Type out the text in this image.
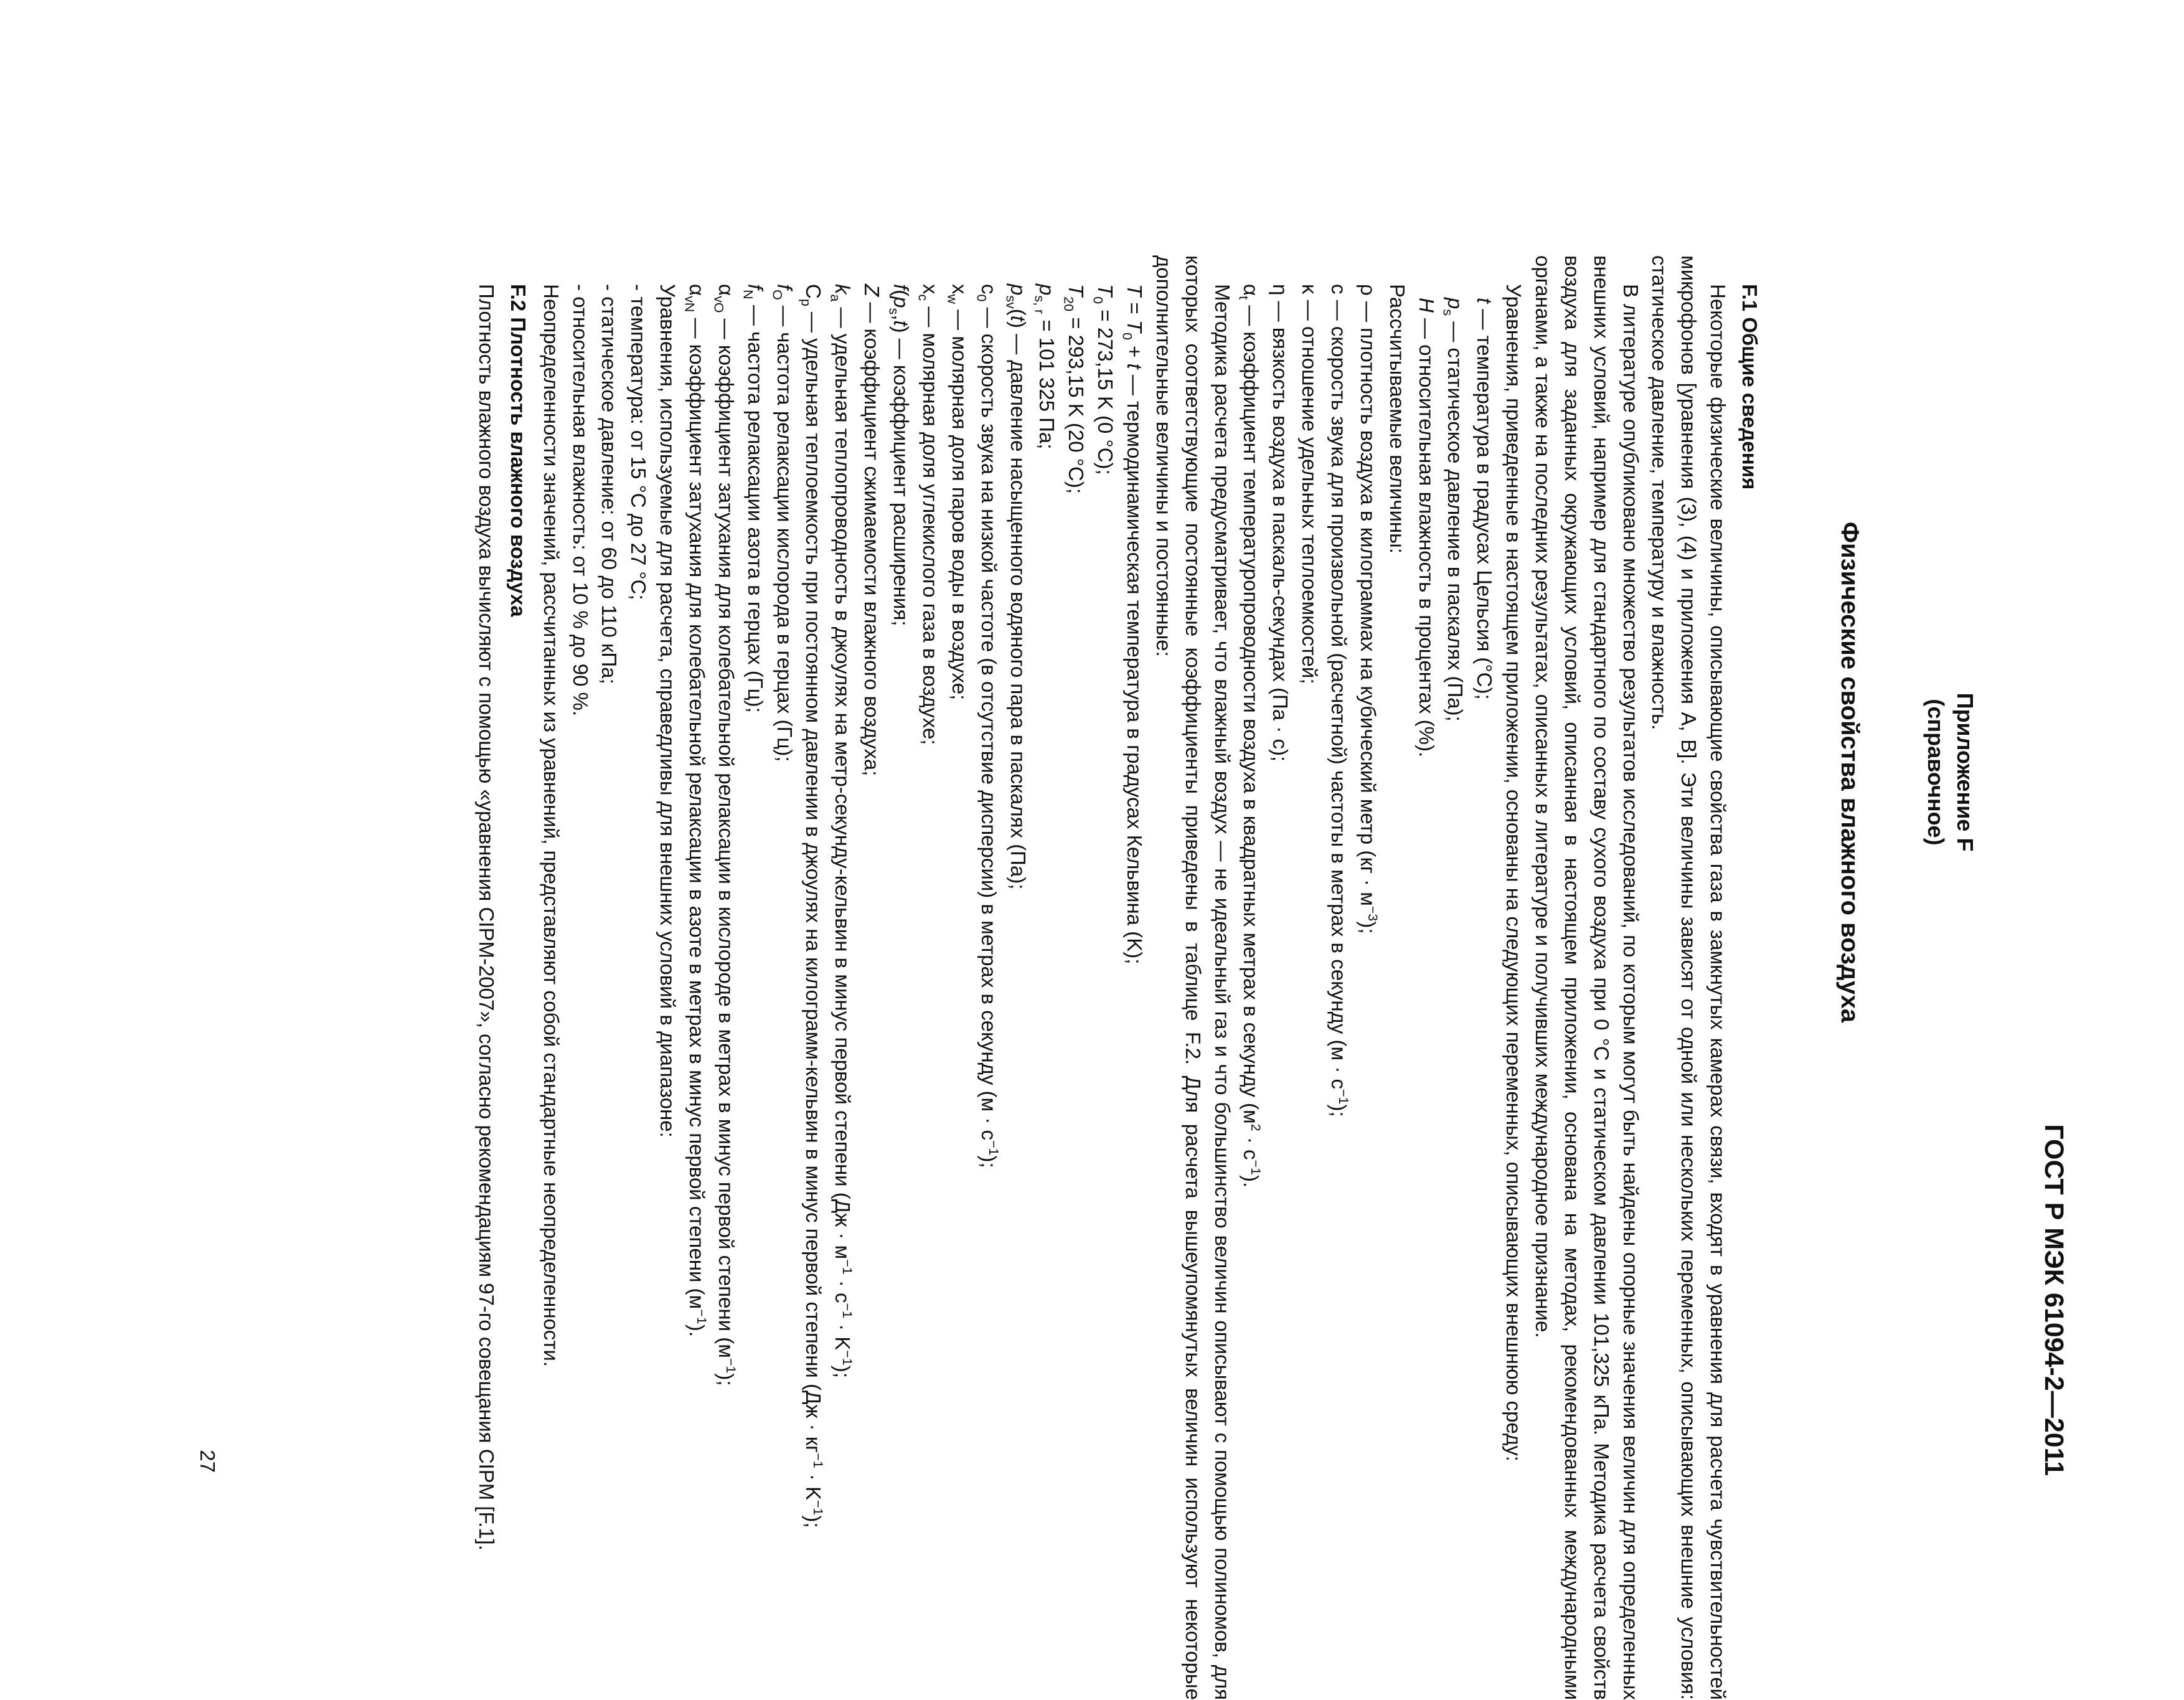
ГОСТ Р МЭК 61094-2—2011
Приложение F
(справочное)
Физические свойства влажного воздуха

F.1 Общие сведения

Некоторые физические величины, описывающие свойства газа в замкнутых камерах связи, входят в уравнения для расчета чувствительностей микрофонов [уравнения (3), (4) и приложения А, В]. Эти величины зависят от одной или нескольких переменных, описывающих внешние условия: статическое давление, температуру и влажность.

В литературе опубликовано множество результатов исследований, по которым могут быть найдены опорные значения величин для определенных внешних условий, например для стандартного по составу сухого воздуха при 0 °C и статическом давлении 101,325 кПа. Методика расчета свойств воздуха для заданных окружающих условий, описанная в настоящем приложении, основана на методах, рекомендованных международными органами, а также на последних результатах, описанных в литературе и получивших международное признание.

Уравнения, приведенные в настоящем приложении, основаны на следующих переменных, описывающих внешнюю среду:

t — температура в градусах Цельсия (°C);

$p_s$ — статическое давление в паскалях (Па);

H — относительная влажность в процентах (%).

Рассчитываемые величины:

ρ — плотность воздуха в килограммах на кубический метр $(кг \cdot м^{-3})$;

c — скорость звука для произвольной (расчетной) частоты в метрах в секунду $(м \cdot с^{-1})$;

κ — отношение удельных теплоемкостей;

η — вязкость воздуха в паскаль-секундах (Па · с);

$\alpha_t$ — коэффициент температуропроводности воздуха в квадратных метрах в секунду $(м^2 \cdot с^{-1})$.

Методика расчета предусматривает, что влажный воздух — не идеальный газ и что большинство величин описывают с помощью полиномов, для которых соответствующие постоянные коэффициенты приведены в таблице F.2. Для расчета вышеупомянутых величин используют некоторые дополнительные величины и постоянные:

$T = T_0 + t$ — термодинамическая температура в градусах Кельвина (K);

$T_0 = 273,15$ K (0 °C);

$T_{20} = 293,15$ K (20 °C);

$p_{s, r} = 101$ 325 Па;

$p_{sv}(t)$ — давление насыщенного водяного пара в паскалях (Па);

$c_0$ — скорость звука на низкой частоте (в отсутствие дисперсии) в метрах в секунду $(м \cdot с^{-1})$;

$x_w$ — молярная доля паров воды в воздухе;

$x_c$ — молярная доля углекислого газа в воздухе;

$f(p_s,t)$ — коэффициент расширения;

Z — коэффициент сжимаемости влажного воздуха;

$k_a$ — удельная теплопроводность в джоулях на метр-секунду-кельвин в минус первой степени $(Дж \cdot м^{-1} \cdot с^{-1} \cdot K^{-1})$;

$C_p$ — удельная теплоемкость при постоянном давлении в джоулях на килограмм-кельвин в минус первой степени $(Дж \cdot кг^{-1} \cdot K^{-1})$;

$f_O$ — частота релаксации кислорода в герцах (Гц);

$f_N$ — частота релаксации азота в герцах (Гц);

$\alpha_{vO}$ — коэффициент затухания для колебательной релаксации в кислороде в метрах в минус первой степени $(м^{-1})$;

$\alpha_{vN}$ — коэффициент затухания для колебательной релаксации в азоте в метрах в минус первой степени $(м^{-1})$.

Уравнения, используемые для расчета, справедливы для внешних условий в диапазоне:

- температура: от 15 °C до 27 °C;

- статическое давление: от 60 до 110 кПа;

- относительная влажность: от 10 % до 90 %.

Неопределенности значений, рассчитанных из уравнений, представляют собой стандартные неопределенности.

F.2 Плотность влажного воздуха

Плотность влажного воздуха вычисляют с помощью «уравнения CIPM-2007», согласно рекомендациям 97-го совещания CIPM [F.1].

27
